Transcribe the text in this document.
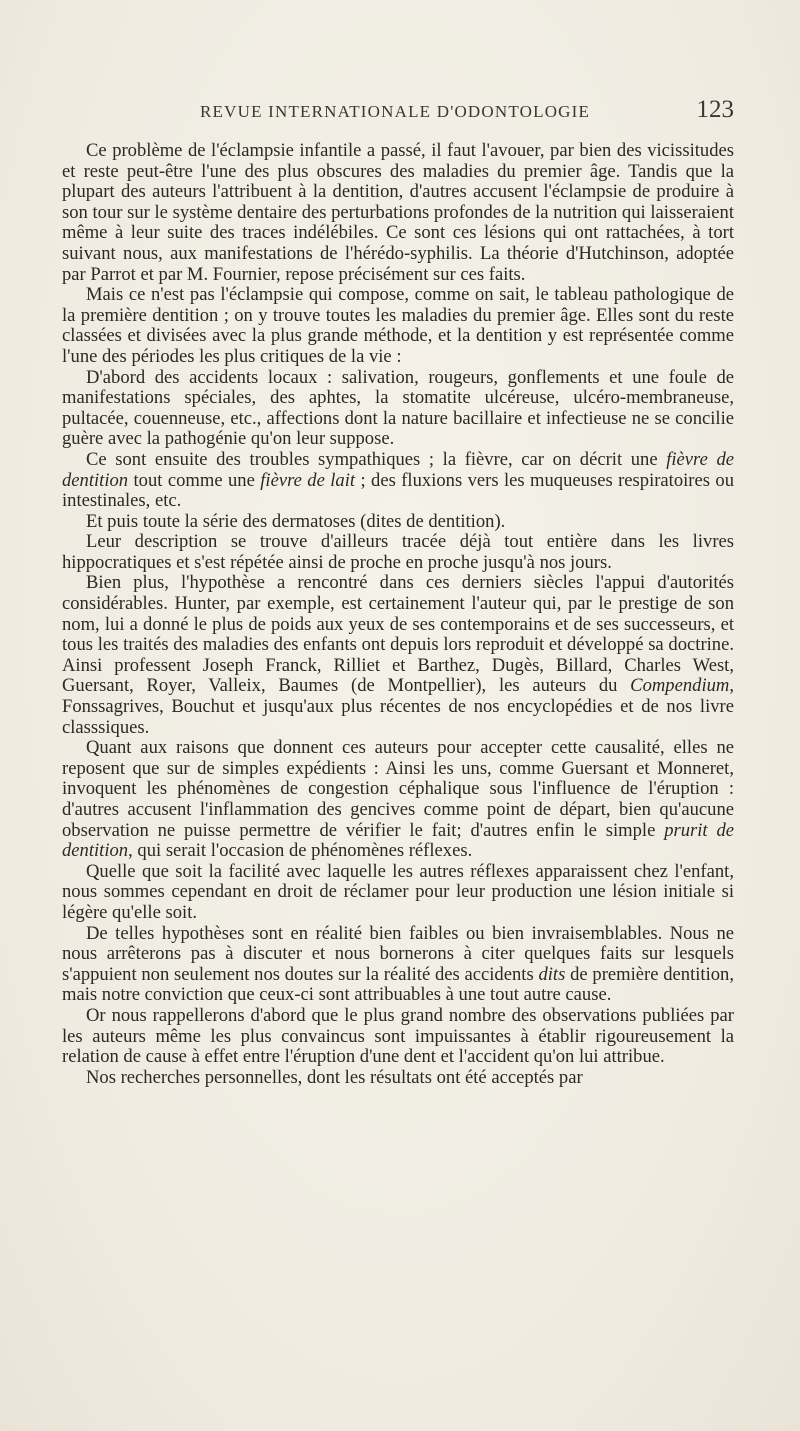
REVUE INTERNATIONALE D'ODONTOLOGIE	123

Ce problème de l'éclampsie infantile a passé, il faut l'avouer, par bien des vicissitudes et reste peut-être l'une des plus obscures des maladies du premier âge. Tandis que la plupart des auteurs l'attribuent à la dentition, d'autres accusent l'éclampsie de produire à son tour sur le système dentaire des perturbations profondes de la nutrition qui laisseraient même à leur suite des traces indélébiles. Ce sont ces lésions qui ont rattachées, à tort suivant nous, aux manifestations de l'hérédo-syphilis. La théorie d'Hutchinson, adoptée par Parrot et par M. Fournier, repose précisément sur ces faits.

Mais ce n'est pas l'éclampsie qui compose, comme on sait, le tableau pathologique de la première dentition ; on y trouve toutes les maladies du premier âge. Elles sont du reste classées et divisées avec la plus grande méthode, et la dentition y est représentée comme l'une des périodes les plus critiques de la vie :

D'abord des accidents locaux : salivation, rougeurs, gonflements et une foule de manifestations spéciales, des aphtes, la stomatite ulcéreuse, ulcéro-membraneuse, pultacée, couenneuse, etc., affections dont la nature bacillaire et infectieuse ne se concilie guère avec la pathogénie qu'on leur suppose.

Ce sont ensuite des troubles sympathiques ; la fièvre, car on décrit une fièvre de dentition tout comme une fièvre de lait ; des fluxions vers les muqueuses respiratoires ou intestinales, etc.

Et puis toute la série des dermatoses (dites de dentition).

Leur description se trouve d'ailleurs tracée déjà tout entière dans les livres hippocratiques et s'est répétée ainsi de proche en proche jusqu'à nos jours.

Bien plus, l'hypothèse a rencontré dans ces derniers siècles l'appui d'autorités considérables. Hunter, par exemple, est certainement l'auteur qui, par le prestige de son nom, lui a donné le plus de poids aux yeux de ses contemporains et de ses successeurs, et tous les traités des maladies des enfants ont depuis lors reproduit et développé sa doctrine. Ainsi professent Joseph Franck, Rilliet et Barthez, Dugès, Billard, Charles West, Guersant, Royer, Valleix, Baumes (de Montpellier), les auteurs du Compendium, Fonssagrives, Bouchut et jusqu'aux plus récentes de nos encyclopédies et de nos livre classsiques.

Quant aux raisons que donnent ces auteurs pour accepter cette causalité, elles ne reposent que sur de simples expédients : Ainsi les uns, comme Guersant et Monneret, invoquent les phénomènes de congestion céphalique sous l'influence de l'éruption : d'autres accusent l'inflammation des gencives comme point de départ, bien qu'aucune observation ne puisse permettre de vérifier le fait; d'autres enfin le simple prurit de dentition, qui serait l'occasion de phénomènes réflexes.

Quelle que soit la facilité avec laquelle les autres réflexes apparaissent chez l'enfant, nous sommes cependant en droit de réclamer pour leur production une lésion initiale si légère qu'elle soit.

De telles hypothèses sont en réalité bien faibles ou bien invraisemblables. Nous ne nous arrêterons pas à discuter et nous bornerons à citer quelques faits sur lesquels s'appuient non seulement nos doutes sur la réalité des accidents dits de première dentition, mais notre conviction que ceux-ci sont attribuables à une tout autre cause.

Or nous rappellerons d'abord que le plus grand nombre des observations publiées par les auteurs même les plus convaincus sont impuissantes à établir rigoureusement la relation de cause à effet entre l'éruption d'une dent et l'accident qu'on lui attribue.

Nos recherches personnelles, dont les résultats ont été acceptés par
